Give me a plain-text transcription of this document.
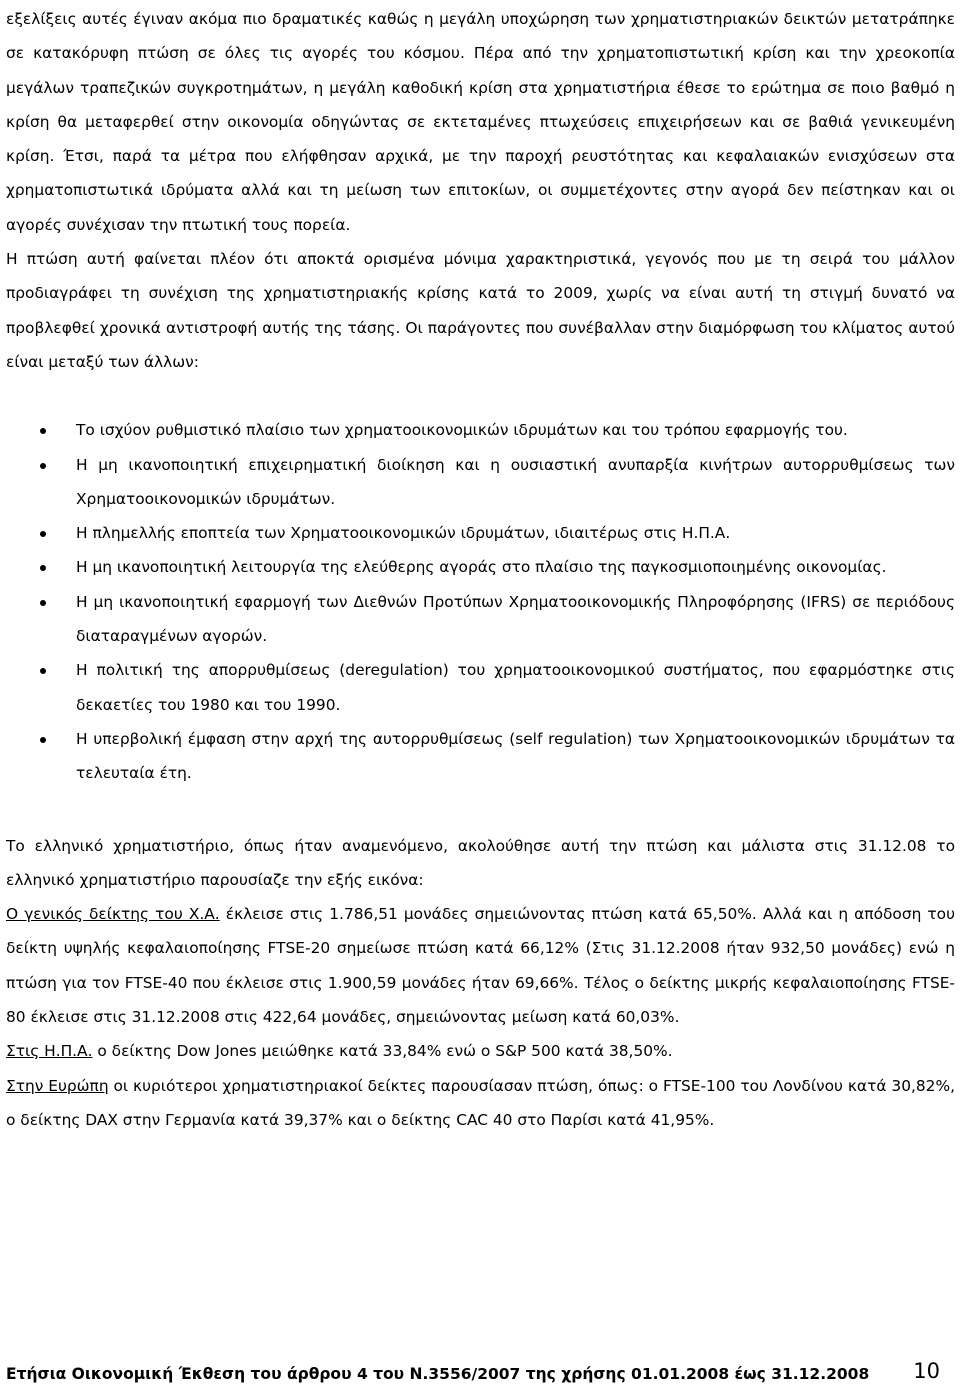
εξελίξεις αυτές έγιναν ακόμα πιο δραματικές καθώς η μεγάλη υποχώρηση των χρηματιστηριακών δεικτών μετατράπηκε σε κατακόρυφη πτώση σε όλες τις αγορές του κόσμου. Πέρα από την χρηματοπιστωτική κρίση και την χρεοκοπία μεγάλων τραπεζικών συγκροτημάτων, η μεγάλη καθοδική κρίση στα χρηματιστήρια έθεσε το ερώτημα σε ποιο βαθμό η κρίση θα μεταφερθεί στην οικονομία οδηγώντας σε εκτεταμένες πτωχεύσεις επιχειρήσεων και σε βαθιά γενικευμένη κρίση. Έτσι, παρά τα μέτρα που ελήφθησαν αρχικά, με την παροχή ρευστότητας και κεφαλαιακών ενισχύσεων στα χρηματοπιστωτικά ιδρύματα αλλά και τη μείωση των επιτοκίων, οι συμμετέχοντες στην αγορά δεν πείστηκαν και οι αγορές συνέχισαν την πτωτική τους πορεία.

Η πτώση αυτή φαίνεται πλέον ότι αποκτά ορισμένα μόνιμα χαρακτηριστικά, γεγονός που με τη σειρά του μάλλον προδιαγράφει τη συνέχιση της χρηματιστηριακής κρίσης κατά το 2009, χωρίς να είναι αυτή τη στιγμή δυνατό να προβλεφθεί χρονικά αντιστροφή αυτής της τάσης. Οι παράγοντες που συνέβαλλαν στην διαμόρφωση του κλίματος αυτού είναι μεταξύ των άλλων:

Το ισχύον ρυθμιστικό πλαίσιο των χρηματοοικονομικών ιδρυμάτων και του τρόπου εφαρμογής του.
Η μη ικανοποιητική επιχειρηματική διοίκηση και η ουσιαστική ανυπαρξία κινήτρων αυτορρυθμίσεως των Χρηματοοικονομικών ιδρυμάτων.
Η πλημελλής εποπτεία των Χρηματοοικονομικών ιδρυμάτων, ιδιαιτέρως στις Η.Π.Α.
Η μη ικανοποιητική λειτουργία της ελεύθερης αγοράς στο πλαίσιο της παγκοσμιοποιημένης οικονομίας.
Η μη ικανοποιητική εφαρμογή των Διεθνών Προτύπων Χρηματοοικονομικής Πληροφόρησης (IFRS) σε περιόδους διαταραγμένων αγορών.
Η πολιτική της απορρυθμίσεως (deregulation) του χρηματοοικονομικού συστήματος, που εφαρμόστηκε στις δεκαετίες του 1980 και του 1990.
Η υπερβολική έμφαση στην αρχή της αυτορρυθμίσεως (self regulation) των Χρηματοοικονομικών ιδρυμάτων τα τελευταία έτη.

Το ελληνικό χρηματιστήριο, όπως ήταν αναμενόμενο, ακολούθησε αυτή την πτώση και μάλιστα στις 31.12.08 το ελληνικό χρηματιστήριο παρουσίαζε την εξής εικόνα:

Ο γενικός δείκτης του Χ.Α. έκλεισε στις 1.786,51 μονάδες σημειώνοντας πτώση κατά 65,50%. Αλλά και η απόδοση του δείκτη υψηλής κεφαλαιοποίησης FTSE-20 σημείωσε πτώση κατά 66,12% (Στις 31.12.2008 ήταν 932,50 μονάδες) ενώ η πτώση για τον FTSE-40 που έκλεισε στις 1.900,59 μονάδες ήταν 69,66%. Τέλος ο δείκτης μικρής κεφαλαιοποίησης FTSE-80 έκλεισε στις 31.12.2008 στις 422,64 μονάδες, σημειώνοντας μείωση κατά 60,03%.

Στις Η.Π.Α. ο δείκτης Dow Jones μειώθηκε κατά 33,84% ενώ ο S&P 500 κατά 38,50%.

Στην Ευρώπη οι κυριότεροι χρηματιστηριακοί δείκτες παρουσίασαν πτώση, όπως: ο FTSE-100 του Λονδίνου κατά 30,82%, ο δείκτης DAX στην Γερμανία κατά 39,37% και ο δείκτης CAC 40 στο Παρίσι κατά 41,95%.

Ετήσια Οικονομική Έκθεση του άρθρου 4 του Ν.3556/2007 της χρήσης 01.01.2008 έως 31.12.2008 10
